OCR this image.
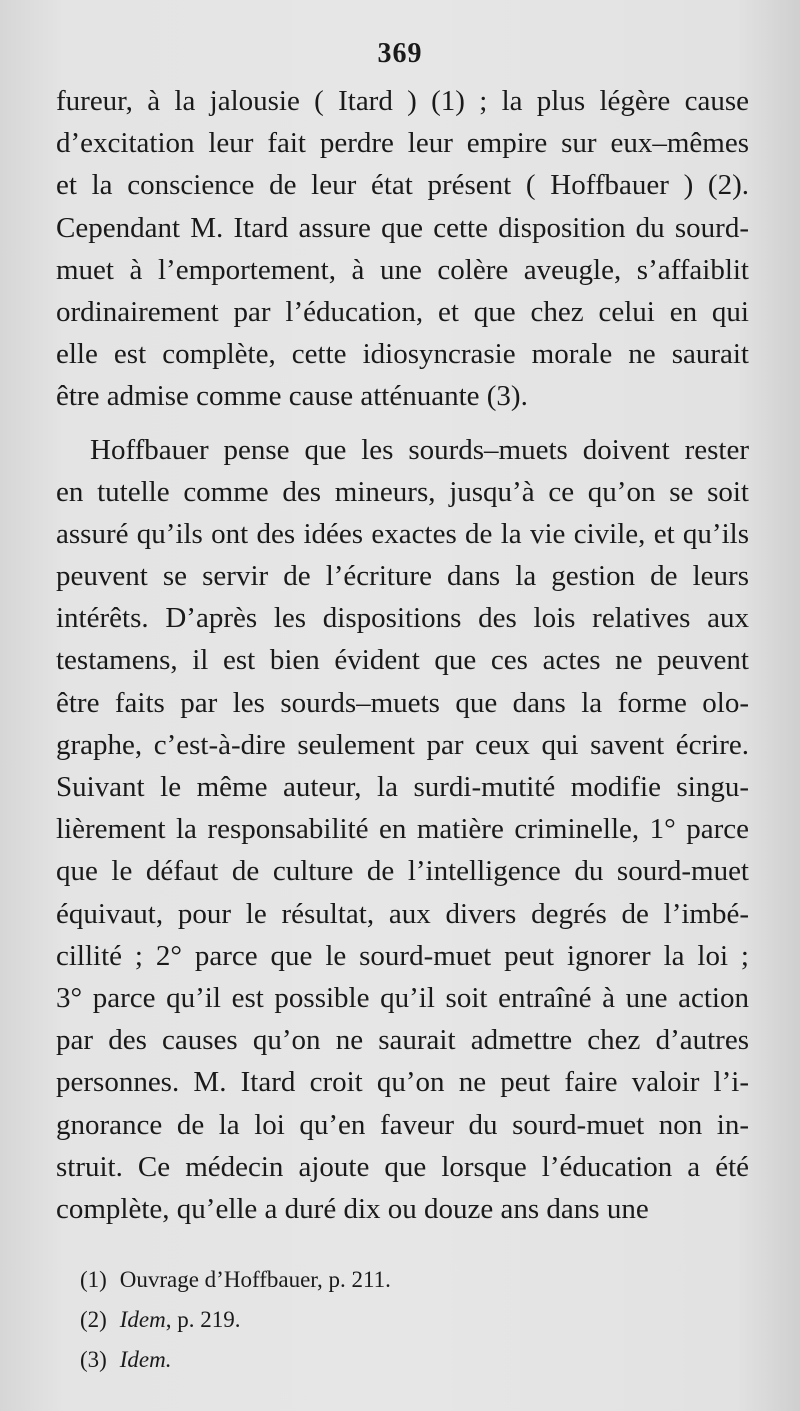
369
fureur, à la jalousie ( Itard ) (1) ; la plus légère cause
d’excitation leur fait perdre leur empire sur eux–mêmes
et la conscience de leur état présent ( Hoffbauer ) (2).
Cependant M. Itard assure que cette disposition du sourd-
muet à l’emportement, à une colère aveugle, s’affaiblit
ordinairement par l’éducation, et que chez celui en qui
elle est complète, cette idiosyncrasie morale ne saurait
être admise comme cause atténuante (3).
Hoffbauer pense que les sourds–muets doivent rester
en tutelle comme des mineurs, jusqu’à ce qu’on se soit
assuré qu’ils ont des idées exactes de la vie civile, et qu’ils
peuvent se servir de l’écriture dans la gestion de leurs
intérêts. D’après les dispositions des lois relatives aux
testamens, il est bien évident que ces actes ne peuvent
être faits par les sourds–muets que dans la forme olo-
graphe, c’est-à-dire seulement par ceux qui savent écrire.
Suivant le même auteur, la surdi-mutité modifie singu-
lièrement la responsabilité en matière criminelle, 1° parce
que le défaut de culture de l’intelligence du sourd-muet
équivaut, pour le résultat, aux divers degrés de l’imbé-
cillité ; 2° parce que le sourd-muet peut ignorer la loi ;
3° parce qu’il est possible qu’il soit entraîné à une action
par des causes qu’on ne saurait admettre chez d’autres
personnes. M. Itard croit qu’on ne peut faire valoir l’i-
gnorance de la loi qu’en faveur du sourd-muet non in-
struit. Ce médecin ajoute que lorsque l’éducation a été
complète, qu’elle a duré dix ou douze ans dans une
(1) Ouvrage d’Hoffbauer, p. 211.
(2) Idem, p. 219.
(3) Idem.
